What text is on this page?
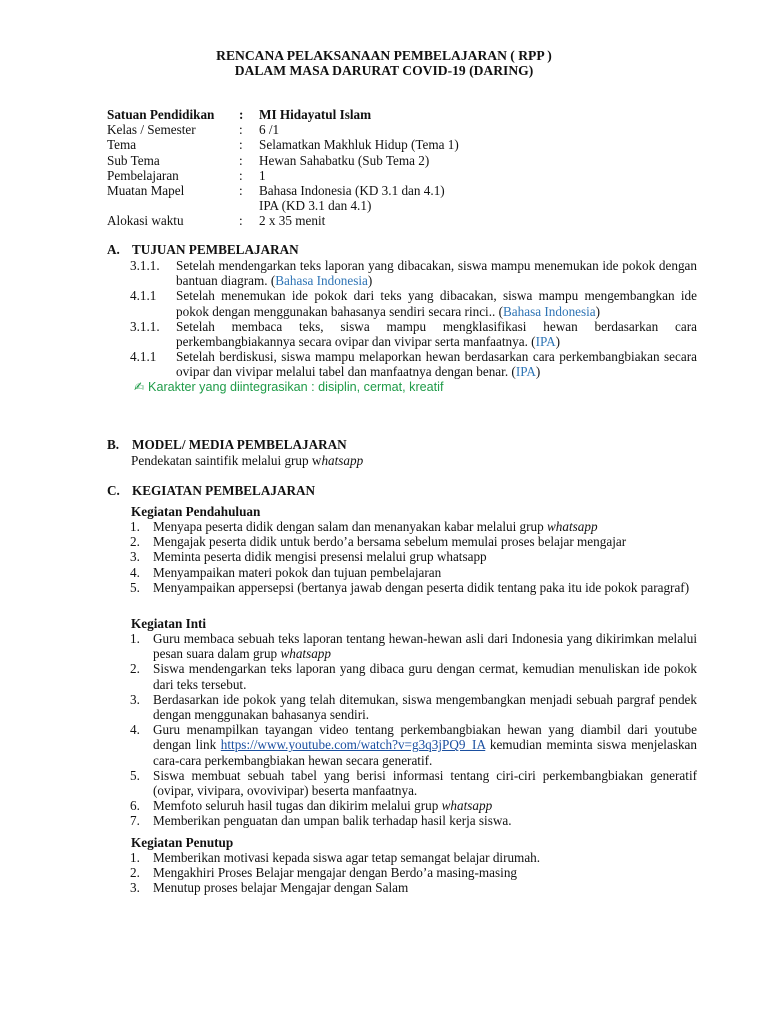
RENCANA PELAKSANAAN PEMBELAJARAN ( RPP )
DALAM MASA DARURAT COVID-19 (DARING)
Satuan Pendidikan	:	MI Hidayatul Islam
Kelas / Semester	:	6 /1
Tema	:	Selamatkan Makhluk Hidup (Tema 1)
Sub Tema	:	Hewan Sahabatku (Sub Tema 2)
Pembelajaran	:	1
Muatan Mapel	:	Bahasa Indonesia (KD 3.1 dan 4.1)
IPA (KD 3.1 dan 4.1)
Alokasi waktu	:	2 x 35 menit
A. TUJUAN PEMBELAJARAN
3.1.1.	Setelah mendengarkan teks laporan yang dibacakan, siswa mampu menemukan ide pokok dengan bantuan diagram. (Bahasa Indonesia)
4.1.1	Setelah menemukan ide pokok dari teks yang dibacakan, siswa mampu mengembangkan ide pokok dengan menggunakan bahasanya sendiri secara rinci.. (Bahasa Indonesia)
3.1.1.	Setelah membaca teks, siswa mampu mengklasifikasi hewan berdasarkan cara perkembangbiakannya secara ovipar dan vivipar serta manfaatnya. (IPA)
4.1.1	Setelah berdiskusi, siswa mampu melaporkan hewan berdasarkan cara perkembangbiakan secara ovipar dan vivipar melalui tabel dan manfaatnya dengan benar. (IPA)
✍ Karakter yang diintegrasikan : disiplin, cermat, kreatif
B. MODEL/ MEDIA PEMBELAJARAN
Pendekatan saintifik melalui grup whatsapp
C. KEGIATAN PEMBELAJARAN
Kegiatan Pendahuluan
1. Menyapa peserta didik dengan salam dan menanyakan kabar melalui grup whatsapp
2. Mengajak peserta didik untuk berdo’a bersama sebelum memulai proses belajar mengajar
3. Meminta peserta didik mengisi presensi melalui grup whatsapp
4. Menyampaikan materi pokok dan tujuan pembelajaran
5. Menyampaikan appersepsi (bertanya jawab dengan peserta didik tentang paka itu ide pokok paragraf)
Kegiatan Inti
1. Guru membaca sebuah teks laporan tentang hewan-hewan asli dari Indonesia yang dikirimkan melalui pesan suara dalam grup whatsapp
2. Siswa mendengarkan teks laporan yang dibaca guru dengan cermat, kemudian menuliskan ide pokok dari teks tersebut.
3. Berdasarkan ide pokok yang telah ditemukan, siswa mengembangkan menjadi sebuah pargraf pendek dengan menggunakan bahasanya sendiri.
4. Guru menampilkan tayangan video tentang perkembangbiakan hewan yang diambil dari youtube dengan link https://www.youtube.com/watch?v=g3q3jPQ9_IA kemudian meminta siswa menjelaskan cara-cara perkembangbiakan hewan secara generatif.
5. Siswa membuat sebuah tabel yang berisi informasi tentang ciri-ciri perkembangbiakan generatif (ovipar, vivipara, ovovivipar) beserta manfaatnya.
6. Memfoto seluruh hasil tugas dan dikirim melalui grup whatsapp
7. Memberikan penguatan dan umpan balik terhadap hasil kerja siswa.
Kegiatan Penutup
1. Memberikan motivasi kepada siswa agar tetap semangat belajar dirumah.
2. Mengakhiri Proses Belajar mengajar dengan Berdo’a masing-masing
3. Menutup proses belajar Mengajar dengan Salam
